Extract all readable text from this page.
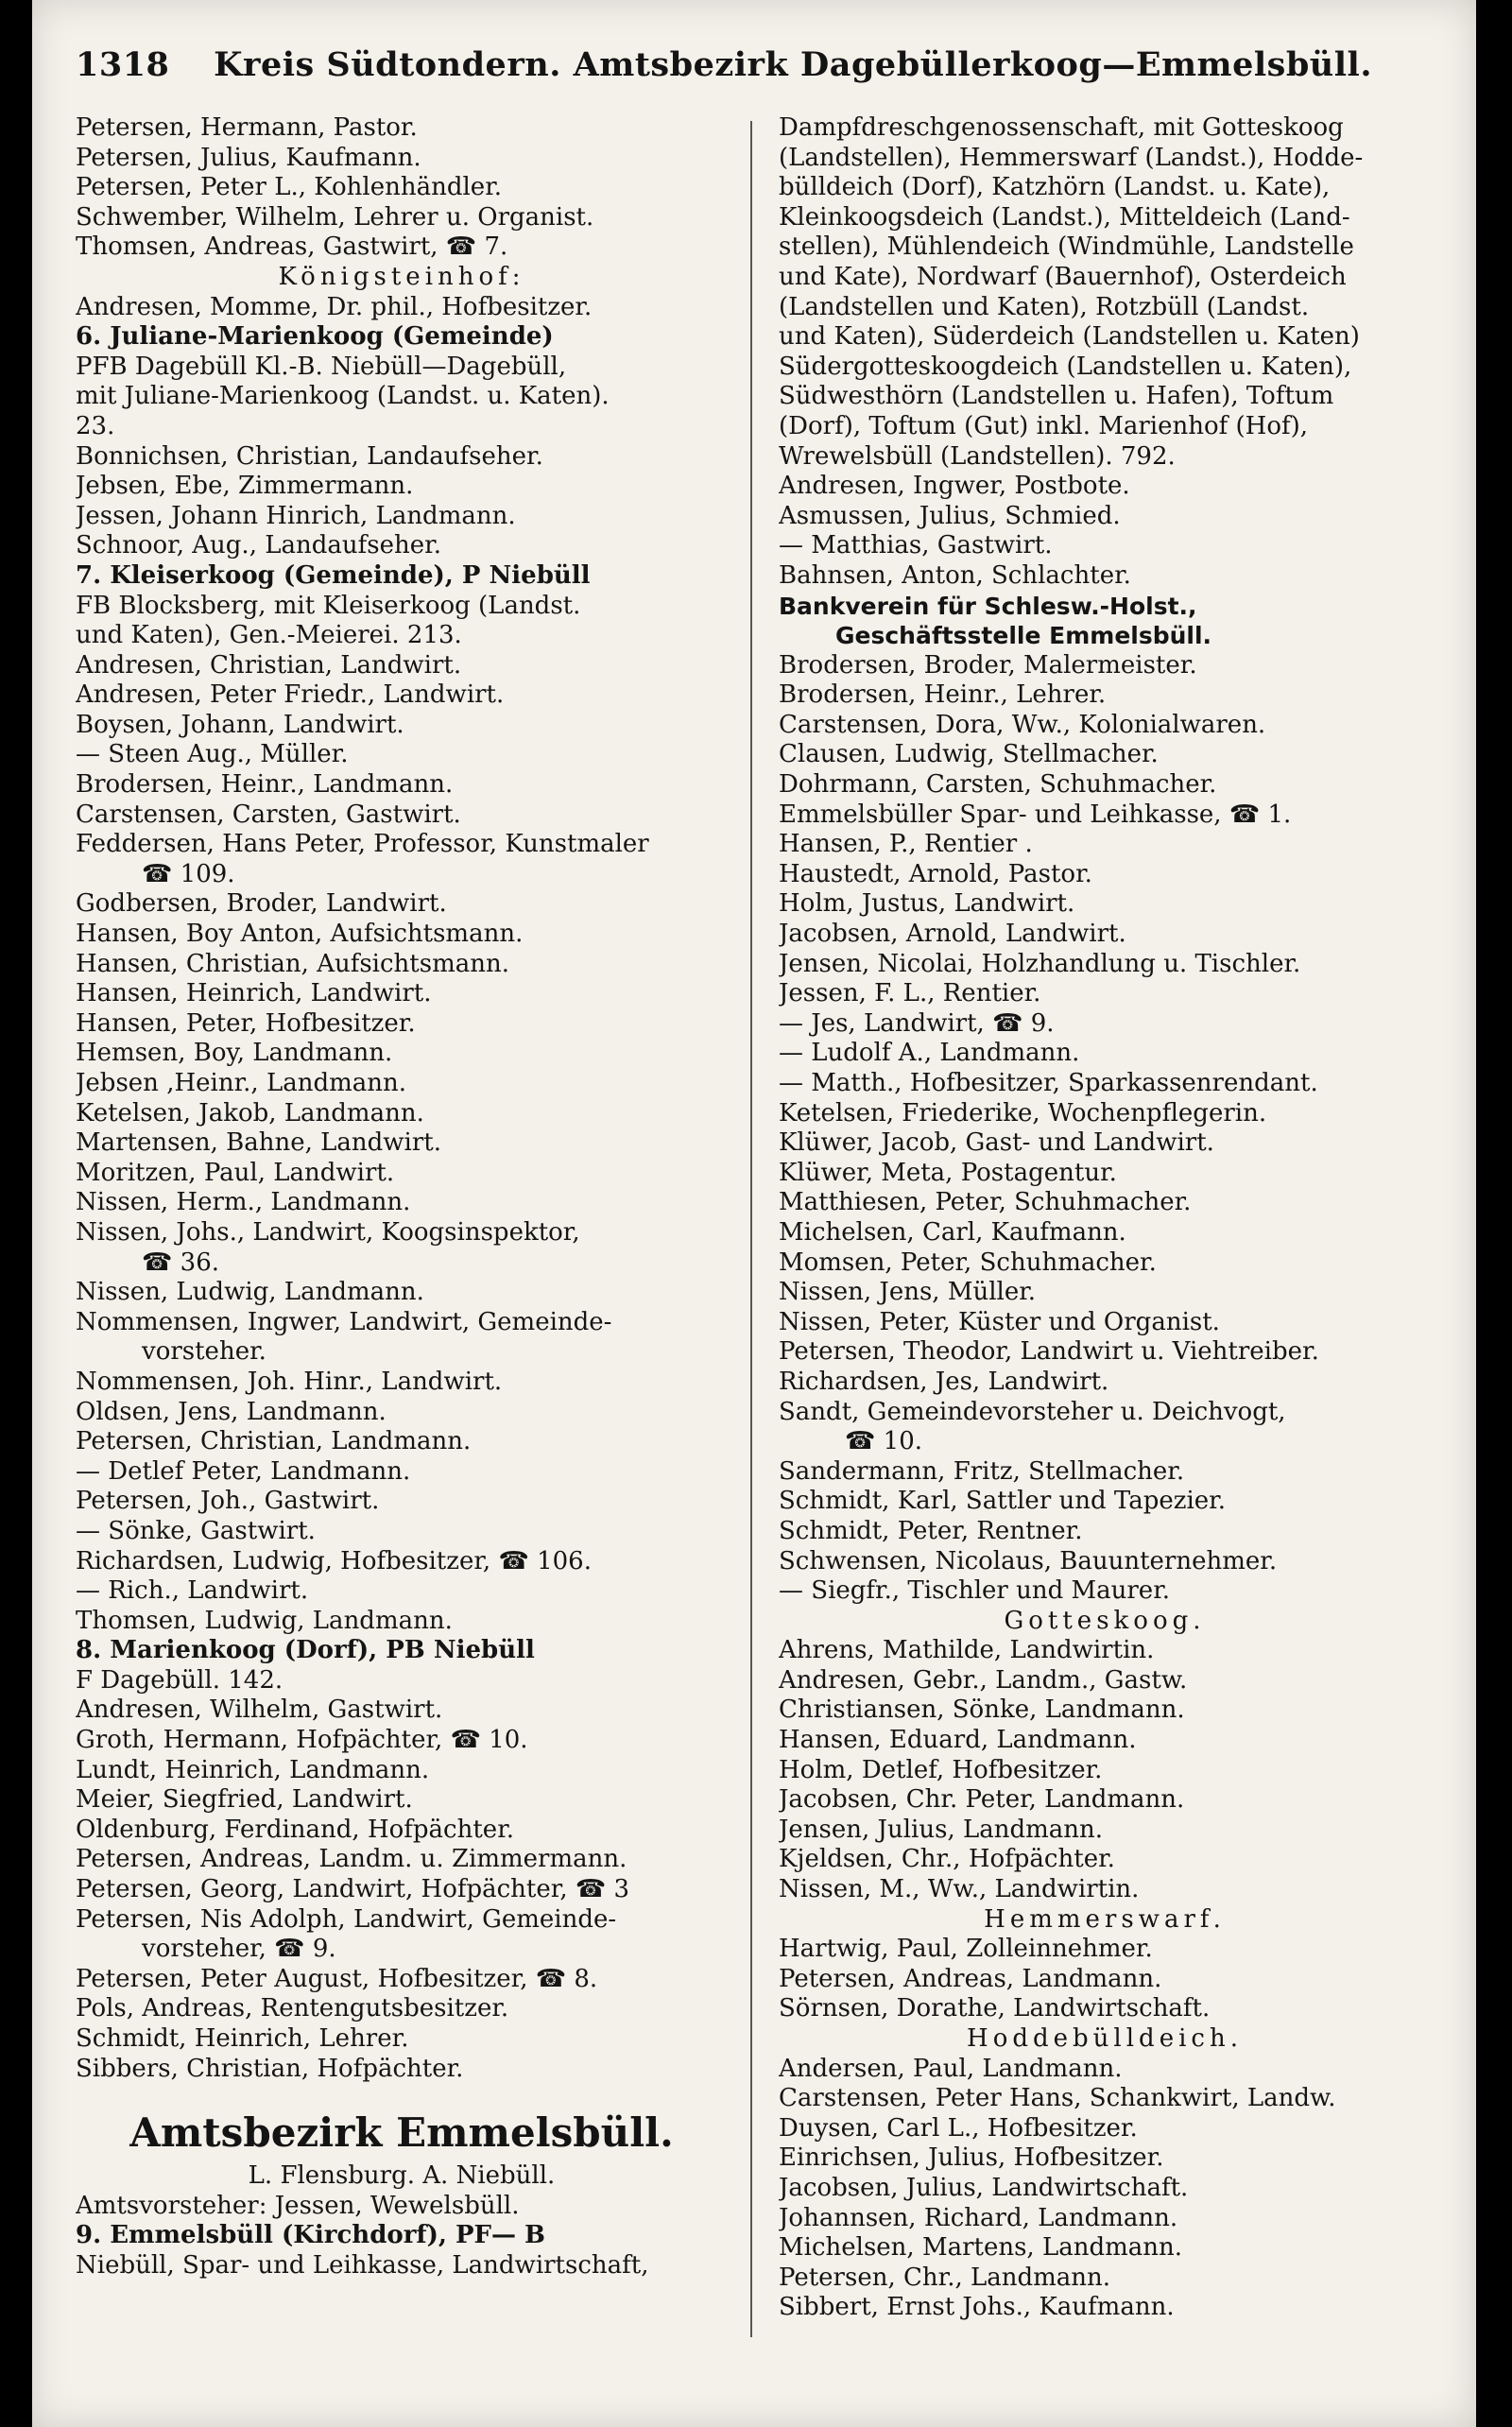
1318 Kreis Südtondern. Amtsbezirk Dagebüllerkoog—Emmelsbüll.
Petersen, Hermann, Pastor.
Petersen, Julius, Kaufmann.
Petersen, Peter L., Kohlenhändler.
Schwember, Wilhelm, Lehrer u. Organist.
Thomsen, Andreas, Gastwirt, ☎ 7.
Königsteinhof:
Andresen, Momme, Dr. phil., Hofbesitzer.
6. Juliane-Marienkoog (Gemeinde)
PFB Dagebüll Kl.-B. Niebüll—Dagebüll,
mit Juliane-Marienkoog (Landst. u. Katen).
23.
Bonnichsen, Christian, Landaufseher.
Jebsen, Ebe, Zimmermann.
Jessen, Johann Hinrich, Landmann.
Schnoor, Aug., Landaufseher.
7. Kleiserkoog (Gemeinde), P Niebüll
FB Blocksberg, mit Kleiserkoog (Landst.
und Katen), Gen.-Meierei. 213.
Andresen, Christian, Landwirt.
Andresen, Peter Friedr., Landwirt.
Boysen, Johann, Landwirt.
— Steen Aug., Müller.
Brodersen, Heinr., Landmann.
Carstensen, Carsten, Gastwirt.
Feddersen, Hans Peter, Professor, Kunstmaler
☎ 109.
Godbersen, Broder, Landwirt.
Hansen, Boy Anton, Aufsichtsmann.
Hansen, Christian, Aufsichtsmann.
Hansen, Heinrich, Landwirt.
Hansen, Peter, Hofbesitzer.
Hemsen, Boy, Landmann.
Jebsen ,Heinr., Landmann.
Ketelsen, Jakob, Landmann.
Martensen, Bahne, Landwirt.
Moritzen, Paul, Landwirt.
Nissen, Herm., Landmann.
Nissen, Johs., Landwirt, Koogsinspektor,
☎ 36.
Nissen, Ludwig, Landmann.
Nommensen, Ingwer, Landwirt, Gemeinde-
vorsteher.
Nommensen, Joh. Hinr., Landwirt.
Oldsen, Jens, Landmann.
Petersen, Christian, Landmann.
— Detlef Peter, Landmann.
Petersen, Joh., Gastwirt.
— Sönke, Gastwirt.
Richardsen, Ludwig, Hofbesitzer, ☎ 106.
— Rich., Landwirt.
Thomsen, Ludwig, Landmann.
8. Marienkoog (Dorf), PB Niebüll
F Dagebüll. 142.
Andresen, Wilhelm, Gastwirt.
Groth, Hermann, Hofpächter, ☎ 10.
Lundt, Heinrich, Landmann.
Meier, Siegfried, Landwirt.
Oldenburg, Ferdinand, Hofpächter.
Petersen, Andreas, Landm. u. Zimmermann.
Petersen, Georg, Landwirt, Hofpächter, ☎ 3
Petersen, Nis Adolph, Landwirt, Gemeinde-
vorsteher, ☎ 9.
Petersen, Peter August, Hofbesitzer, ☎ 8.
Pols, Andreas, Rentengutsbesitzer.
Schmidt, Heinrich, Lehrer.
Sibbers, Christian, Hofpächter.
Amtsbezirk Emmelsbüll.
L. Flensburg. A. Niebüll.
Amtsvorsteher: Jessen, Wewelsbüll.
9. Emmelsbüll (Kirchdorf), PF— B
Niebüll, Spar- und Leihkasse, Landwirtschaft,
Dampfdreschgenossenschaft, mit Gotteskoog
(Landstellen), Hemmerswarf (Landst.), Hodde-
bülldeich (Dorf), Katzhörn (Landst. u. Kate),
Kleinkoogsdeich (Landst.), Mitteldeich (Land-
stellen), Mühlendeich (Windmühle, Landstelle
und Kate), Nordwarf (Bauernhof), Osterdeich
(Landstellen und Katen), Rotzbüll (Landst.
und Katen), Süderdeich (Landstellen u. Katen)
Südergotteskoogdeich (Landstellen u. Katen),
Südwesthörn (Landstellen u. Hafen), Toftum
(Dorf), Toftum (Gut) inkl. Marienhof (Hof),
Wrewelsbüll (Landstellen). 792.
Andresen, Ingwer, Postbote.
Asmussen, Julius, Schmied.
— Matthias, Gastwirt.
Bahnsen, Anton, Schlachter.
Bankverein für Schlesw.-Holst.,
Geschäftsstelle Emmelsbüll.
Brodersen, Broder, Malermeister.
Brodersen, Heinr., Lehrer.
Carstensen, Dora, Ww., Kolonialwaren.
Clausen, Ludwig, Stellmacher.
Dohrmann, Carsten, Schuhmacher.
Emmelsbüller Spar- und Leihkasse, ☎ 1.
Hansen, P., Rentier .
Haustedt, Arnold, Pastor.
Holm, Justus, Landwirt.
Jacobsen, Arnold, Landwirt.
Jensen, Nicolai, Holzhandlung u. Tischler.
Jessen, F. L., Rentier.
— Jes, Landwirt, ☎ 9.
— Ludolf A., Landmann.
— Matth., Hofbesitzer, Sparkassenrendant.
Ketelsen, Friederike, Wochenpflegerin.
Klüwer, Jacob, Gast- und Landwirt.
Klüwer, Meta, Postagentur.
Matthiesen, Peter, Schuhmacher.
Michelsen, Carl, Kaufmann.
Momsen, Peter, Schuhmacher.
Nissen, Jens, Müller.
Nissen, Peter, Küster und Organist.
Petersen, Theodor, Landwirt u. Viehtreiber.
Richardsen, Jes, Landwirt.
Sandt, Gemeindevorsteher u. Deichvogt,
☎ 10.
Sandermann, Fritz, Stellmacher.
Schmidt, Karl, Sattler und Tapezier.
Schmidt, Peter, Rentner.
Schwensen, Nicolaus, Bauunternehmer.
— Siegfr., Tischler und Maurer.
Gotteskoog.
Ahrens, Mathilde, Landwirtin.
Andresen, Gebr., Landm., Gastw.
Christiansen, Sönke, Landmann.
Hansen, Eduard, Landmann.
Holm, Detlef, Hofbesitzer.
Jacobsen, Chr. Peter, Landmann.
Jensen, Julius, Landmann.
Kjeldsen, Chr., Hofpächter.
Nissen, M., Ww., Landwirtin.
Hemmerswarf.
Hartwig, Paul, Zolleinnehmer.
Petersen, Andreas, Landmann.
Sörnsen, Dorathe, Landwirtschaft.
Hoddebülldeich.
Andersen, Paul, Landmann.
Carstensen, Peter Hans, Schankwirt, Landw.
Duysen, Carl L., Hofbesitzer.
Einrichsen, Julius, Hofbesitzer.
Jacobsen, Julius, Landwirtschaft.
Johannsen, Richard, Landmann.
Michelsen, Martens, Landmann.
Petersen, Chr., Landmann.
Sibbert, Ernst Johs., Kaufmann.
